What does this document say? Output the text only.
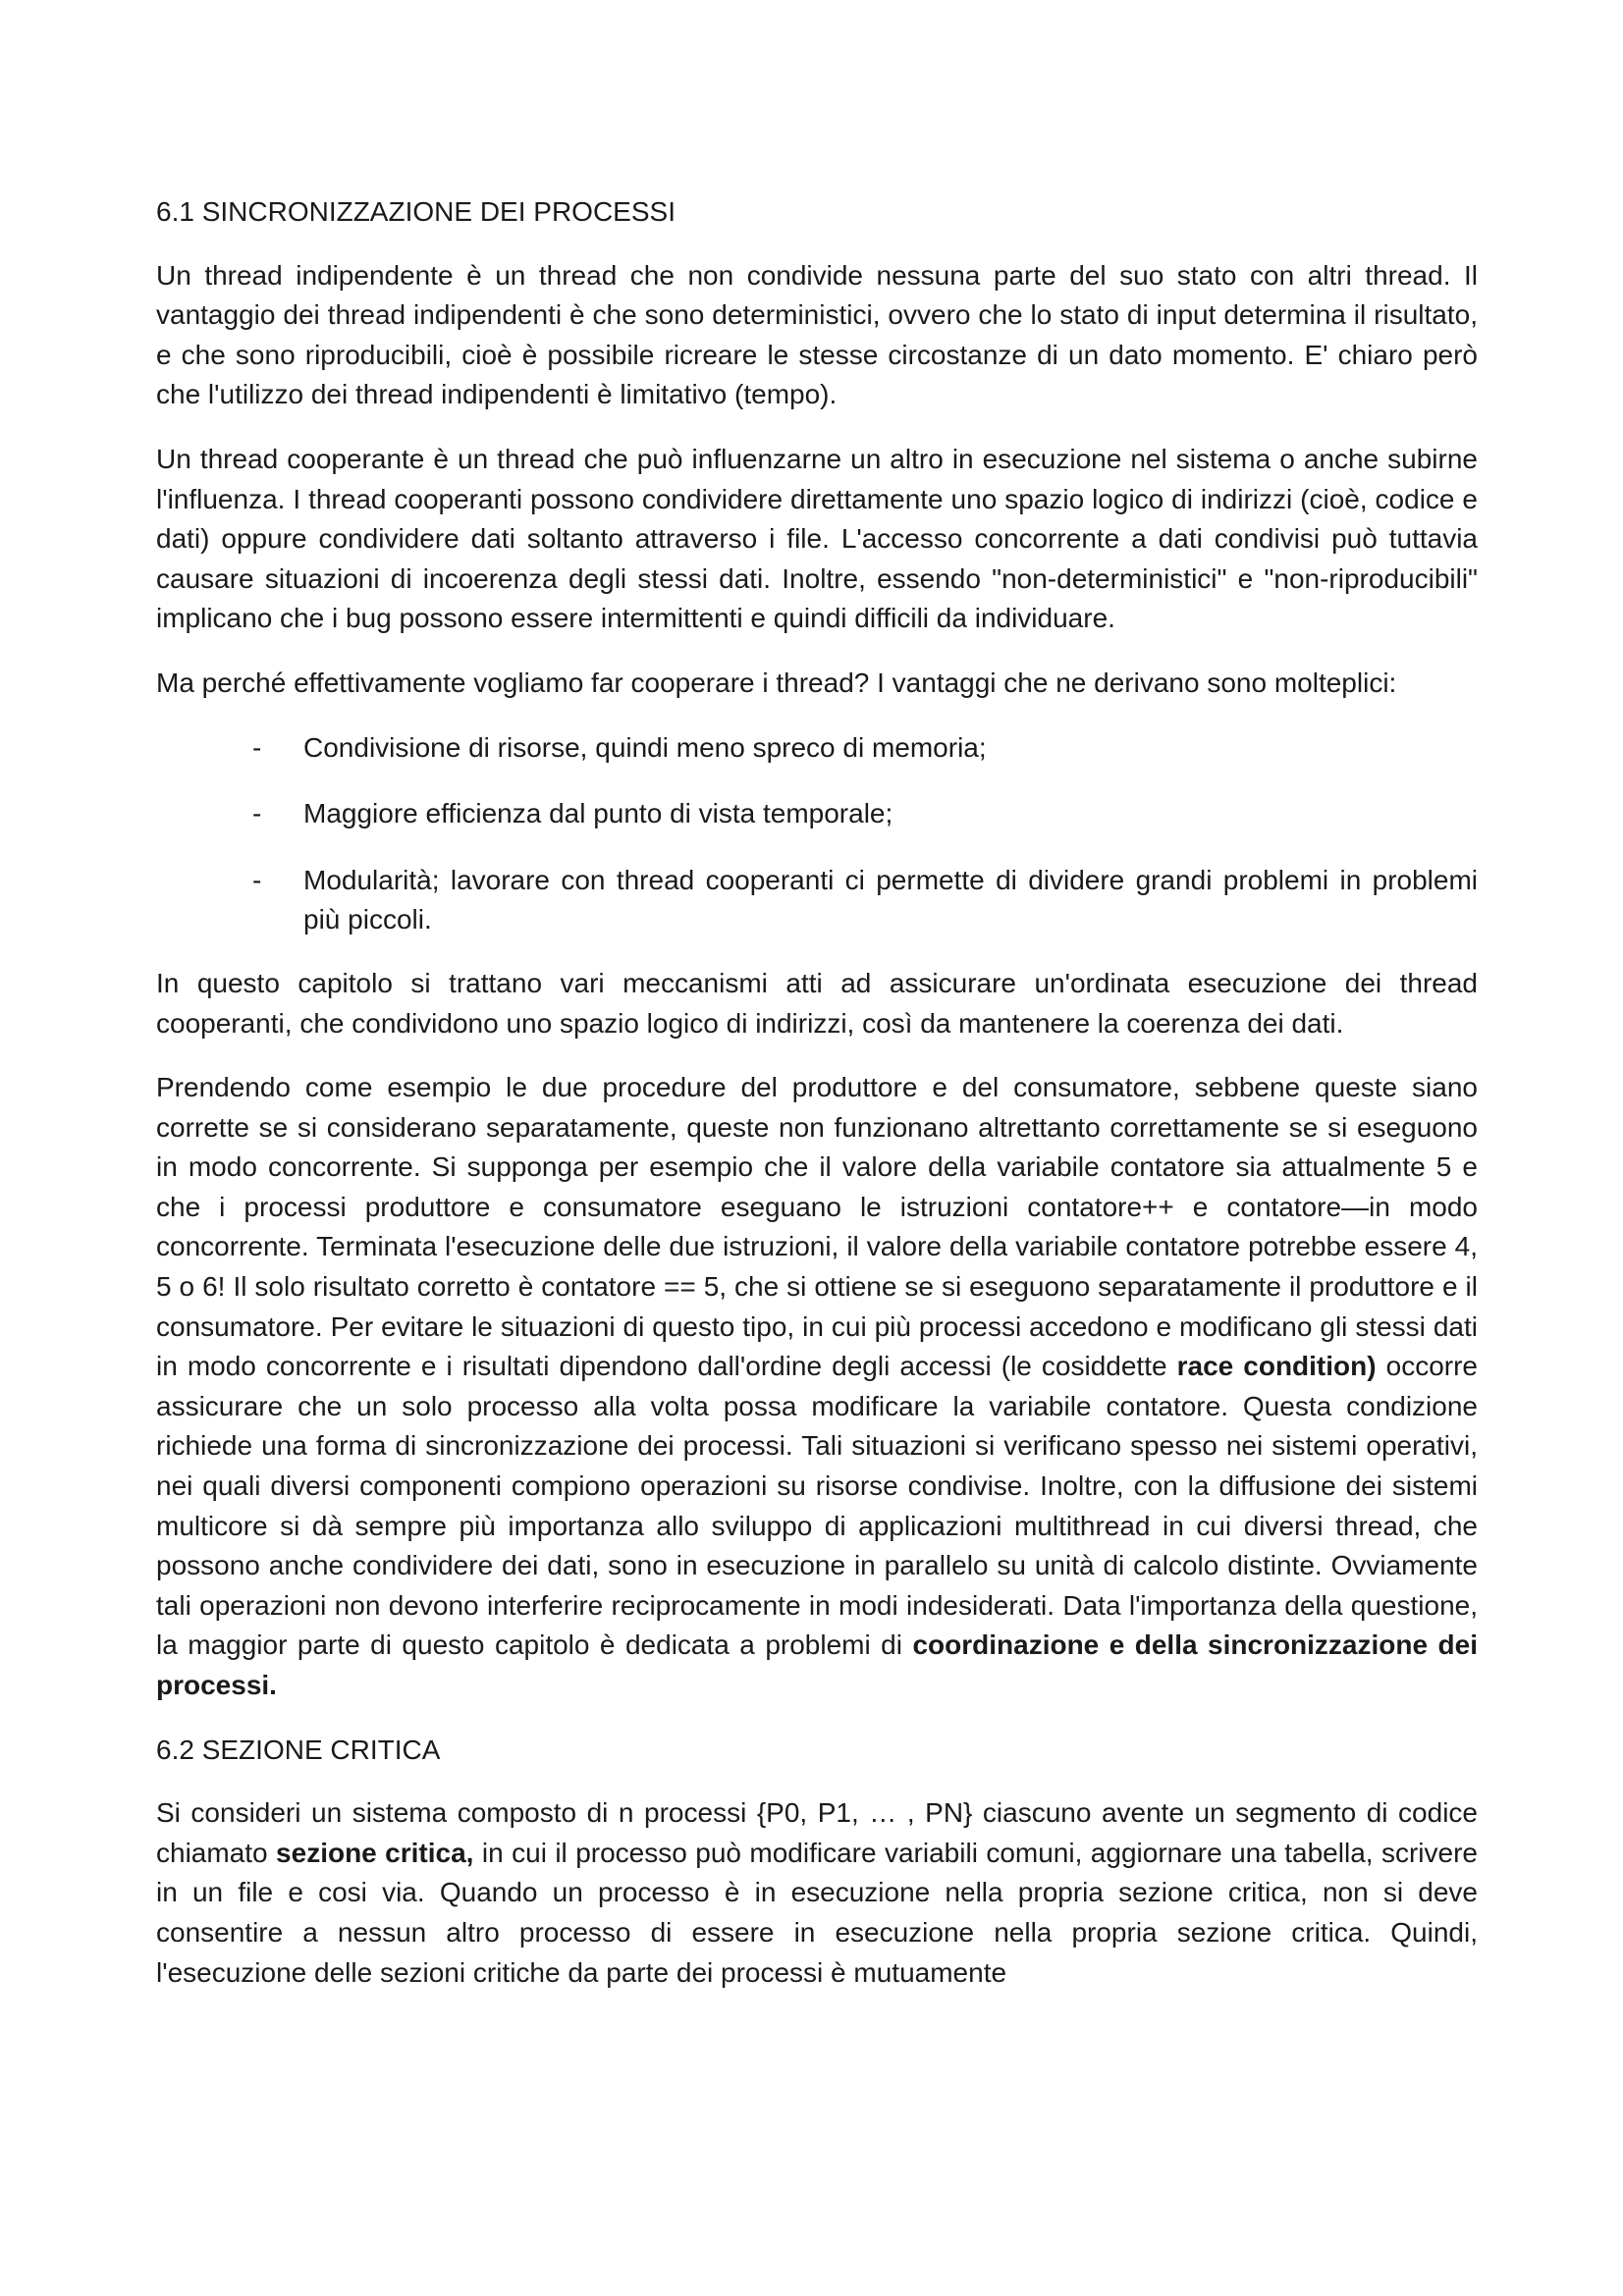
6.1 SINCRONIZZAZIONE DEI PROCESSI

Un thread indipendente è un thread che non condivide nessuna parte del suo stato con altri thread. Il vantaggio dei thread indipendenti è che sono deterministici, ovvero che lo stato di input determina il risultato, e che sono riproducibili, cioè è possibile ricreare le stesse circostanze di un dato momento. E' chiaro però che l'utilizzo dei thread indipendenti è limitativo (tempo).

Un thread cooperante è un thread che può influenzarne un altro in esecuzione nel sistema o anche subirne l'influenza. I thread cooperanti possono condividere direttamente uno spazio logico di indirizzi (cioè, codice e dati) oppure condividere dati soltanto attraverso i file. L'accesso concorrente a dati condivisi può tuttavia causare situazioni di incoerenza degli stessi dati. Inoltre, essendo "non-deterministici" e "non-riproducibili" implicano che i bug possono essere intermittenti e quindi difficili da individuare.

Ma perché effettivamente vogliamo far cooperare i thread? I vantaggi che ne derivano sono molteplici:

- Condivisione di risorse, quindi meno spreco di memoria;
- Maggiore efficienza dal punto di vista temporale;
- Modularità; lavorare con thread cooperanti ci permette di dividere grandi problemi in problemi più piccoli.

In questo capitolo si trattano vari meccanismi atti ad assicurare un'ordinata esecuzione dei thread cooperanti, che condividono uno spazio logico di indirizzi, così da mantenere la coerenza dei dati.

Prendendo come esempio le due procedure del produttore e del consumatore, sebbene queste siano corrette se si considerano separatamente, queste non funzionano altrettanto correttamente se si eseguono in modo concorrente. Si supponga per esempio che il valore della variabile contatore sia attualmente 5 e che i processi produttore e consumatore eseguano le istruzioni contatore++ e contatore—in modo concorrente. Terminata l'esecuzione delle due istruzioni, il valore della variabile contatore potrebbe essere 4, 5 o 6! Il solo risultato corretto è contatore == 5, che si ottiene se si eseguono separatamente il produttore e il consumatore. Per evitare le situazioni di questo tipo, in cui più processi accedono e modificano gli stessi dati in modo concorrente e i risultati dipendono dall'ordine degli accessi (le cosiddette race condition) occorre assicurare che un solo processo alla volta possa modificare la variabile contatore. Questa condizione richiede una forma di sincronizzazione dei processi. Tali situazioni si verificano spesso nei sistemi operativi, nei quali diversi componenti compiono operazioni su risorse condivise. Inoltre, con la diffusione dei sistemi multicore si dà sempre più importanza allo sviluppo di applicazioni multithread in cui diversi thread, che possono anche condividere dei dati, sono in esecuzione in parallelo su unità di calcolo distinte. Ovviamente tali operazioni non devono interferire reciprocamente in modi indesiderati. Data l'importanza della questione, la maggior parte di questo capitolo è dedicata a problemi di coordinazione e della sincronizzazione dei processi.

6.2 SEZIONE CRITICA

Si consideri un sistema composto di n processi {P0, P1, … , PN} ciascuno avente un segmento di codice chiamato sezione critica, in cui il processo può modificare variabili comuni, aggiornare una tabella, scrivere in un file e cosi via. Quando un processo è in esecuzione nella propria sezione critica, non si deve consentire a nessun altro processo di essere in esecuzione nella propria sezione critica. Quindi, l'esecuzione delle sezioni critiche da parte dei processi è mutuamente
